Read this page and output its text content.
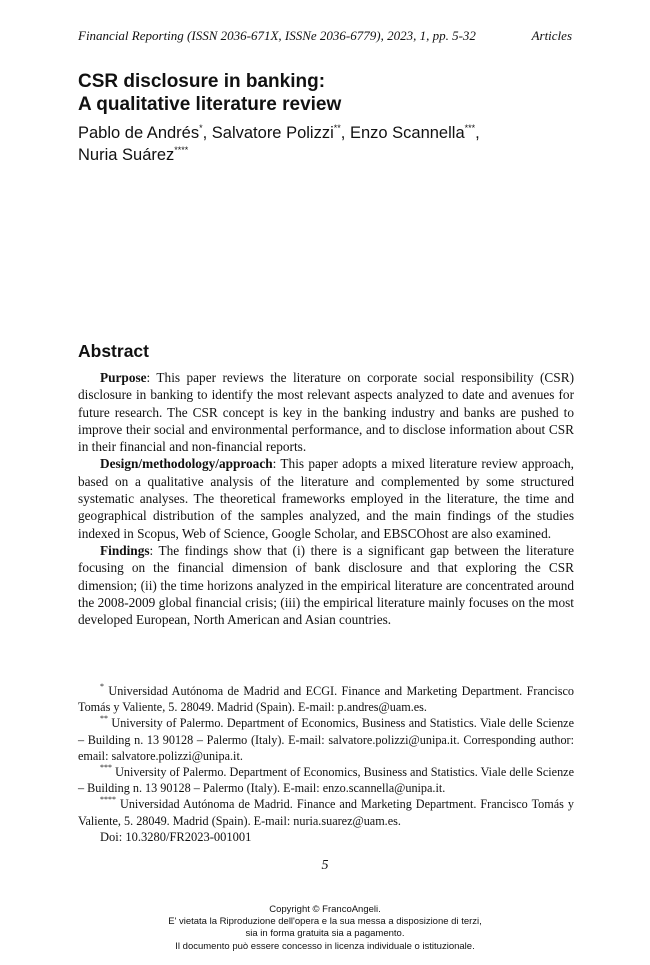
Financial Reporting (ISSN 2036-671X, ISSNe 2036-6779), 2023, 1, pp. 5-32	Articles
CSR disclosure in banking:
A qualitative literature review
Pablo de Andrés*, Salvatore Polizzi**, Enzo Scannella***,
Nuria Suárez****
Abstract

Purpose: This paper reviews the literature on corporate social responsibility (CSR) disclosure in banking to identify the most relevant aspects analyzed to date and avenues for future research. The CSR concept is key in the banking industry and banks are pushed to improve their social and environmental performance, and to disclose information about CSR in their financial and non-financial reports.

Design/methodology/approach: This paper adopts a mixed literature review approach, based on a qualitative analysis of the literature and complemented by some structured systematic analyses. The theoretical frameworks employed in the literature, the time and geographical distribution of the samples analyzed, and the main findings of the studies indexed in Scopus, Web of Science, Google Scholar, and EBSCOhost are also examined.

Findings: The findings show that (i) there is a significant gap between the literature focusing on the financial dimension of bank disclosure and that exploring the CSR dimension; (ii) the time horizons analyzed in the empirical literature are concentrated around the 2008-2009 global financial crisis; (iii) the empirical literature mainly focuses on the most developed European, North American and Asian countries.

* Universidad Autónoma de Madrid and ECGI. Finance and Marketing Department. Francisco Tomás y Valiente, 5. 28049. Madrid (Spain). E-mail: p.andres@uam.es.

** University of Palermo. Department of Economics, Business and Statistics. Viale delle Scienze – Building n. 13 90128 – Palermo (Italy). E-mail: salvatore.polizzi@unipa.it. Corresponding author: email: salvatore.polizzi@unipa.it.

*** University of Palermo. Department of Economics, Business and Statistics. Viale delle Scienze – Building n. 13 90128 – Palermo (Italy). E-mail: enzo.scannella@unipa.it.

**** Universidad Autónoma de Madrid. Finance and Marketing Department. Francisco Tomás y Valiente, 5. 28049. Madrid (Spain). E-mail: nuria.suarez@uam.es.

Doi: 10.3280/FR2023-001001
5
Copyright © FrancoAngeli.
E' vietata la Riproduzione dell'opera e la sua messa a disposizione di terzi,
sia in forma gratuita sia a pagamento.
Il documento può essere concesso in licenza individuale o istituzionale.
